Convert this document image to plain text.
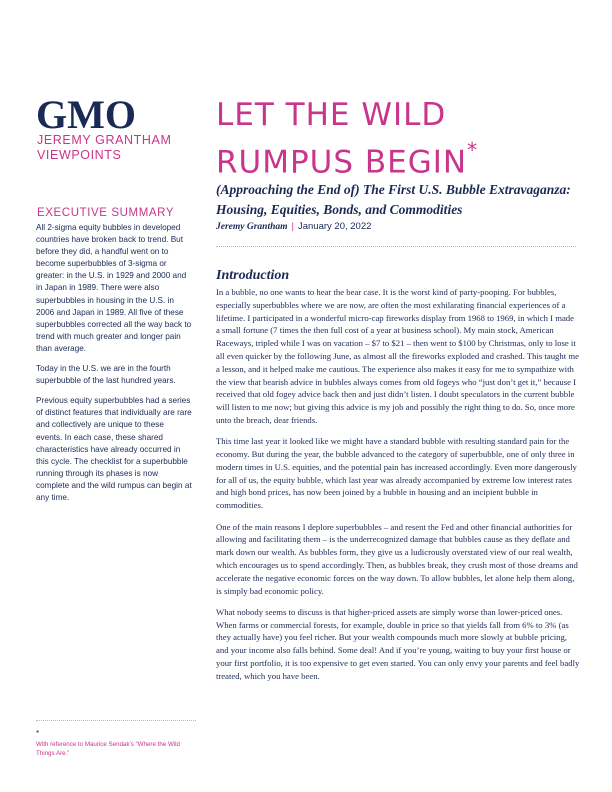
GMO
JEREMY GRANTHAM
VIEWPOINTS
LET THE WILD
RUMPUS BEGIN*
(Approaching the End of) The First U.S. Bubble Extravaganza: Housing, Equities, Bonds, and Commodities
Jeremy Grantham | January 20, 2022
EXECUTIVE SUMMARY

All 2-sigma equity bubbles in developed countries have broken back to trend. But before they did, a handful went on to become superbubbles of 3-sigma or greater: in the U.S. in 1929 and 2000 and in Japan in 1989. There were also superbubbles in housing in the U.S. in 2006 and Japan in 1989. All five of these superbubbles corrected all the way back to trend with much greater and longer pain than average.

Today in the U.S. we are in the fourth superbubble of the last hundred years.

Previous equity superbubbles had a series of distinct features that individually are rare and collectively are unique to these events. In each case, these shared characteristics have already occurred in this cycle. The checklist for a superbubble running through its phases is now complete and the wild rumpus can begin at any time.

Introduction

In a bubble, no one wants to hear the bear case. It is the worst kind of party-pooping. For bubbles, especially superbubbles where we are now, are often the most exhilarating financial experiences of a lifetime. I participated in a wonderful micro-cap fireworks display from 1968 to 1969, in which I made a small fortune (7 times the then full cost of a year at business school). My main stock, American Raceways, tripled while I was on vacation – $7 to $21 – then went to $100 by Christmas, only to lose it all even quicker by the following June, as almost all the fireworks exploded and crashed. This taught me a lesson, and it helped make me cautious. The experience also makes it easy for me to sympathize with the view that bearish advice in bubbles always comes from old fogeys who “just don’t get it,” because I received that old fogey advice back then and just didn’t listen. I doubt speculators in the current bubble will listen to me now; but giving this advice is my job and possibly the right thing to do. So, once more unto the breach, dear friends.

This time last year it looked like we might have a standard bubble with resulting standard pain for the economy. But during the year, the bubble advanced to the category of superbubble, one of only three in modern times in U.S. equities, and the potential pain has increased accordingly. Even more dangerously for all of us, the equity bubble, which last year was already accompanied by extreme low interest rates and high bond prices, has now been joined by a bubble in housing and an incipient bubble in commodities.

One of the main reasons I deplore superbubbles – and resent the Fed and other financial authorities for allowing and facilitating them – is the underrecognized damage that bubbles cause as they deflate and mark down our wealth. As bubbles form, they give us a ludicrously overstated view of our real wealth, which encourages us to spend accordingly. Then, as bubbles break, they crush most of those dreams and accelerate the negative economic forces on the way down. To allow bubbles, let alone help them along, is simply bad economic policy.

What nobody seems to discuss is that higher-priced assets are simply worse than lower-priced ones. When farms or commercial forests, for example, double in price so that yields fall from 6% to 3% (as they actually have) you feel richer. But your wealth compounds much more slowly at bubble pricing, and your income also falls behind. Some deal! And if you’re young, waiting to buy your first house or your first portfolio, it is too expensive to get even started. You can only envy your parents and feel badly treated, which you have been.

*
With reference to Maurice Sendak’s “Where the Wild Things Are.”
